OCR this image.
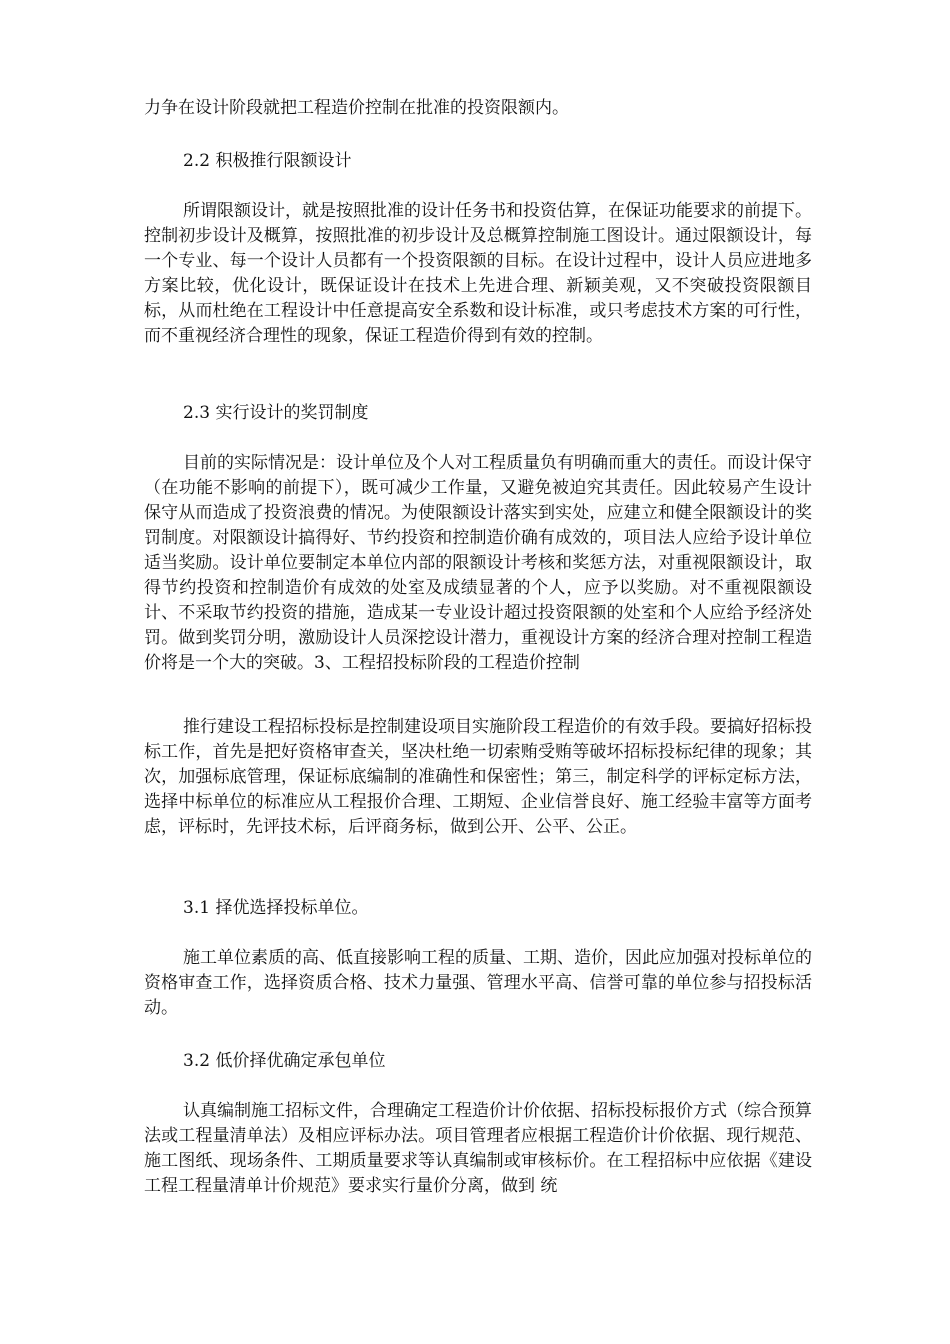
力争在设计阶段就把工程造价控制在批准的投资限额内。
2.2 积极推行限额设计
所谓限额设计，就是按照批准的设计任务书和投资估算，在保证功能要求的前提下。控制初步设计及概算，按照批准的初步设计及总概算控制施工图设计。通过限额设计，每一个专业、每一个设计人员都有一个投资限额的目标。在设计过程中，设计人员应进地多方案比较，优化设计，既保证设计在技术上先进合理、新颖美观，又不突破投资限额目标，从而杜绝在工程设计中任意提高安全系数和设计标准，或只考虑技术方案的可行性，而不重视经济合理性的现象，保证工程造价得到有效的控制。
2.3 实行设计的奖罚制度
目前的实际情况是：设计单位及个人对工程质量负有明确而重大的责任。而设计保守（在功能不影响的前提下），既可减少工作量，又避免被迫究其责任。因此较易产生设计保守从而造成了投资浪费的情况。为使限额设计落实到实处，应建立和健全限额设计的奖罚制度。对限额设计搞得好、节约投资和控制造价确有成效的，项目法人应给予设计单位适当奖励。设计单位要制定本单位内部的限额设计考核和奖惩方法，对重视限额设计，取得节约投资和控制造价有成效的处室及成绩显著的个人，应予以奖励。对不重视限额设计、不采取节约投资的措施，造成某一专业设计超过投资限额的处室和个人应给予经济处罚。做到奖罚分明，激励设计人员深挖设计潜力，重视设计方案的经济合理对控制工程造价将是一个大的突破。3、工程招投标阶段的工程造价控制
推行建设工程招标投标是控制建设项目实施阶段工程造价的有效手段。要搞好招标投标工作，首先是把好资格审查关，坚决杜绝一切索贿受贿等破坏招标投标纪律的现象；其次，加强标底管理，保证标底编制的准确性和保密性；第三，制定科学的评标定标方法，选择中标单位的标准应从工程报价合理、工期短、企业信誉良好、施工经验丰富等方面考虑，评标时，先评技术标，后评商务标，做到公开、公平、公正。
3.1 择优选择投标单位。
施工单位素质的高、低直接影响工程的质量、工期、造价，因此应加强对投标单位的资格审查工作，选择资质合格、技术力量强、管理水平高、信誉可靠的单位参与招投标活动。
3.2 低价择优确定承包单位
认真编制施工招标文件，合理确定工程造价计价依据、招标投标报价方式（综合预算法或工程量清单法）及相应评标办法。项目管理者应根据工程造价计价依据、现行规范、施工图纸、现场条件、工期质量要求等认真编制或审核标价。在工程招标中应依据《建设工程工程量清单计价规范》要求实行量价分离，做到 统
